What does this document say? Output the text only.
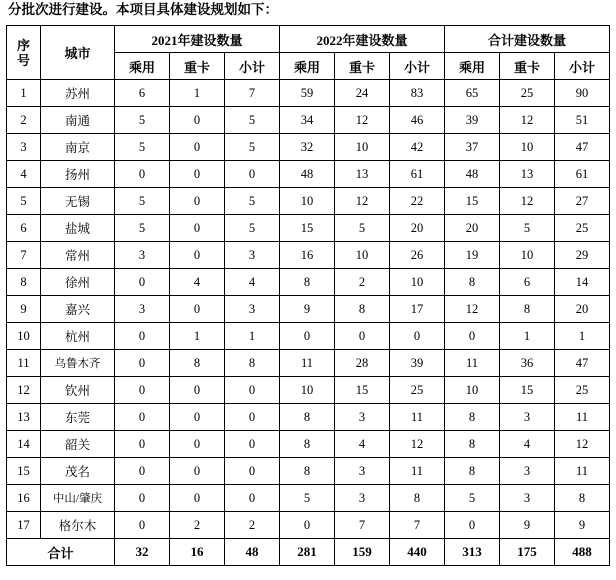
分批次进行建设。本项目具体建设规划如下：
序
号	城市	2021年建设数量			2022年建设数量			合计建设数量		
		乘用	重卡	小计	乘用	重卡	小计	乘用	重卡	小计
1	苏州	6	1	7	59	24	83	65	25	90
2	南通	5	0	5	34	12	46	39	12	51
3	南京	5	0	5	32	10	42	37	10	47
4	扬州	0	0	0	48	13	61	48	13	61
5	无锡	5	0	5	10	12	22	15	12	27
6	盐城	5	0	5	15	5	20	20	5	25
7	常州	3	0	3	16	10	26	19	10	29
8	徐州	0	4	4	8	2	10	8	6	14
9	嘉兴	3	0	3	9	8	17	12	8	20
10	杭州	0	1	1	0	0	0	0	1	1
11	乌鲁木齐	0	8	8	11	28	39	11	36	47
12	钦州	0	0	0	10	15	25	10	15	25
13	东莞	0	0	0	8	3	11	8	3	11
14	韶关	0	0	0	8	4	12	8	4	12
15	茂名	0	0	0	8	3	11	8	3	11
16	中山/肇庆	0	0	0	5	3	8	5	3	8
17	格尔木	0	2	2	0	7	7	0	9	9
合计		32	16	48	281	159	440	313	175	488
